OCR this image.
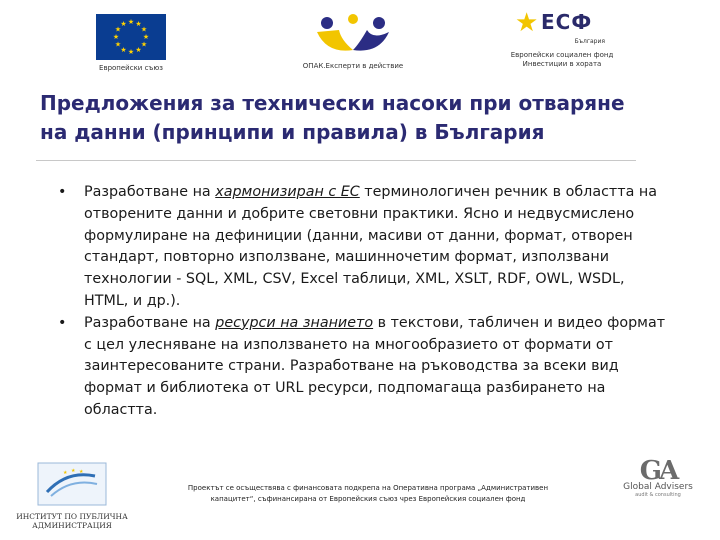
★ ★
★
★
★
★
★
★
★
★
★
★
Европейски съюз	ОПАК.Експерти в действие
★ ЕСФ
България
Европейски социален фонд
Инвестиции в хората
Предложения за технически насоки при отваряне
на данни (принципи и правила) в България

• Разработване на хармонизиран с ЕС терминологичен речник в областта на отворените данни и добрите световни практики. Ясно и недвусмислено формулиране на дефиниции (данни, масиви от данни, формат, отворен стандарт, повторно използване, машинночетим формат, използвани технологии - SQL, XML, CSV, Excel таблици, XML, XSLT, RDF, OWL, WSDL, HTML, и др.).

• Разработване на ресурси на знанието в текстови, табличен и видео формат с цел улесняване на използването на многообразието от формати от заинтересованите страни. Разработване на ръководства за всеки вид формат и библиотека от URL ресурси, подпомагаща разбирането на областта.

★ ★ ★
ИНСТИТУТ ПО ПУБЛИЧНА
АДМИНИСТРАЦИЯ
Проектът се осъществява с финансовата подкрепа на Оперативна програма „Административен
капацитет“, съфинансирана от Европейския съюз чрез Европейския социален фонд
GA
Global Advisers
audit & consulting
